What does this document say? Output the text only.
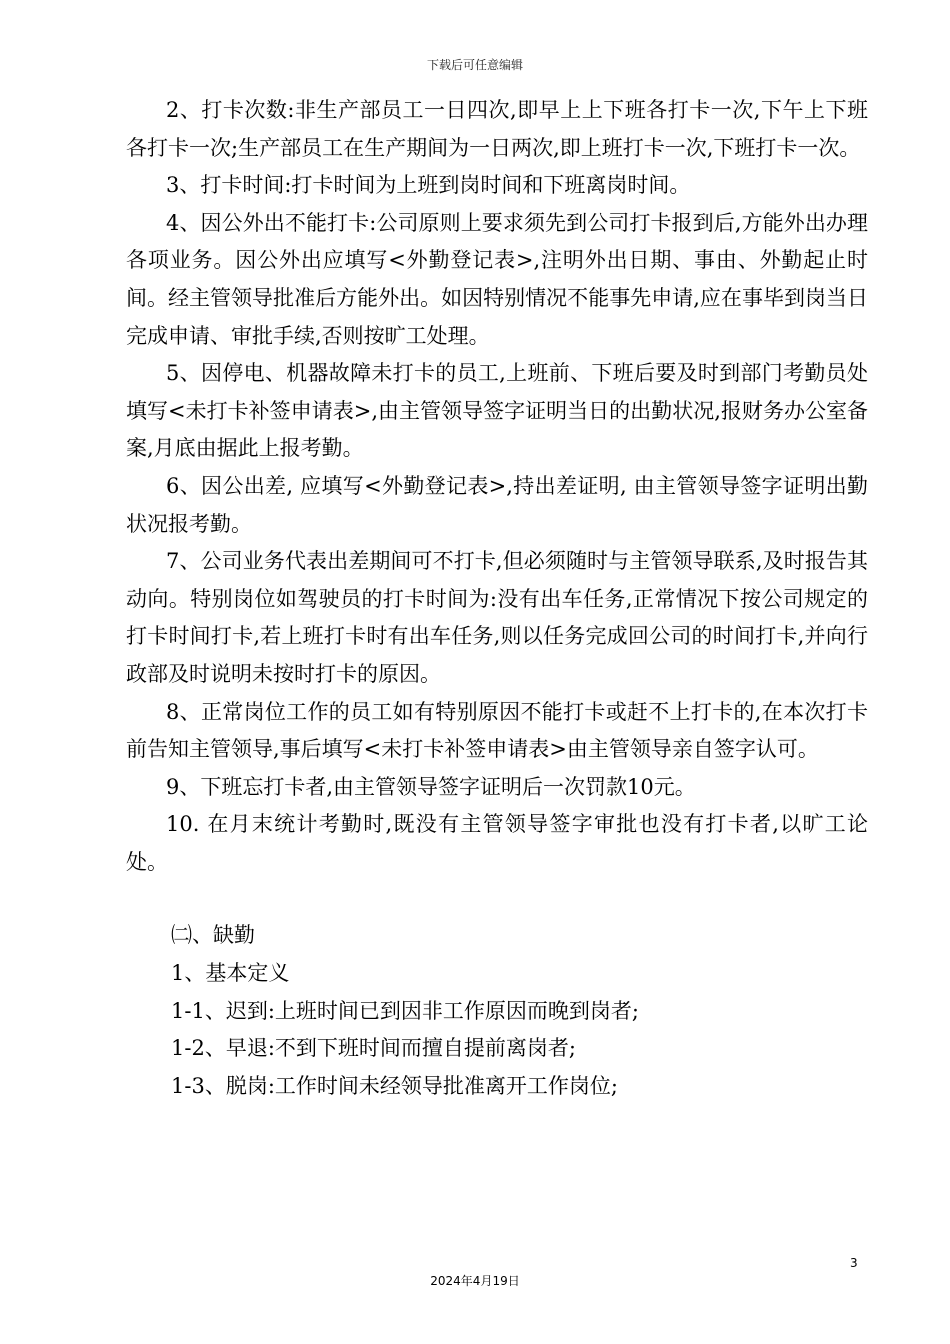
下载后可任意编辑

2、打卡次数:非生产部员工一日四次,即早上上下班各打卡一次,下午上下班各打卡一次;生产部员工在生产期间为一日两次,即上班打卡一次,下班打卡一次。

3、打卡时间:打卡时间为上班到岗时间和下班离岗时间。

4、因公外出不能打卡:公司原则上要求须先到公司打卡报到后,方能外出办理各项业务。因公外出应填写<外勤登记表>,注明外出日期、事由、外勤起止时间。经主管领导批准后方能外出。如因特别情况不能事先申请,应在事毕到岗当日完成申请、审批手续,否则按旷工处理。

5、因停电、机器故障未打卡的员工,上班前、下班后要及时到部门考勤员处填写<未打卡补签申请表>,由主管领导签字证明当日的出勤状况,报财务办公室备案,月底由据此上报考勤。

6、因公出差, 应填写<外勤登记表>,持出差证明, 由主管领导签字证明出勤状况报考勤。

7、公司业务代表出差期间可不打卡,但必须随时与主管领导联系,及时报告其动向。特别岗位如驾驶员的打卡时间为:没有出车任务,正常情况下按公司规定的打卡时间打卡,若上班打卡时有出车任务,则以任务完成回公司的时间打卡,并向行政部及时说明未按时打卡的原因。

8、正常岗位工作的员工如有特别原因不能打卡或赶不上打卡的,在本次打卡前告知主管领导,事后填写<未打卡补签申请表>由主管领导亲自签字认可。

9、下班忘打卡者,由主管领导签字证明后一次罚款10元。

10. 在月末统计考勤时,既没有主管领导签字审批也没有打卡者,以旷工论处。

㈡、缺勤
1、基本定义
1-1、迟到:上班时间已到因非工作原因而晚到岗者;
1-2、早退:不到下班时间而擅自提前离岗者;
1-3、脱岗:工作时间未经领导批准离开工作岗位;
3
2024年4月19日
